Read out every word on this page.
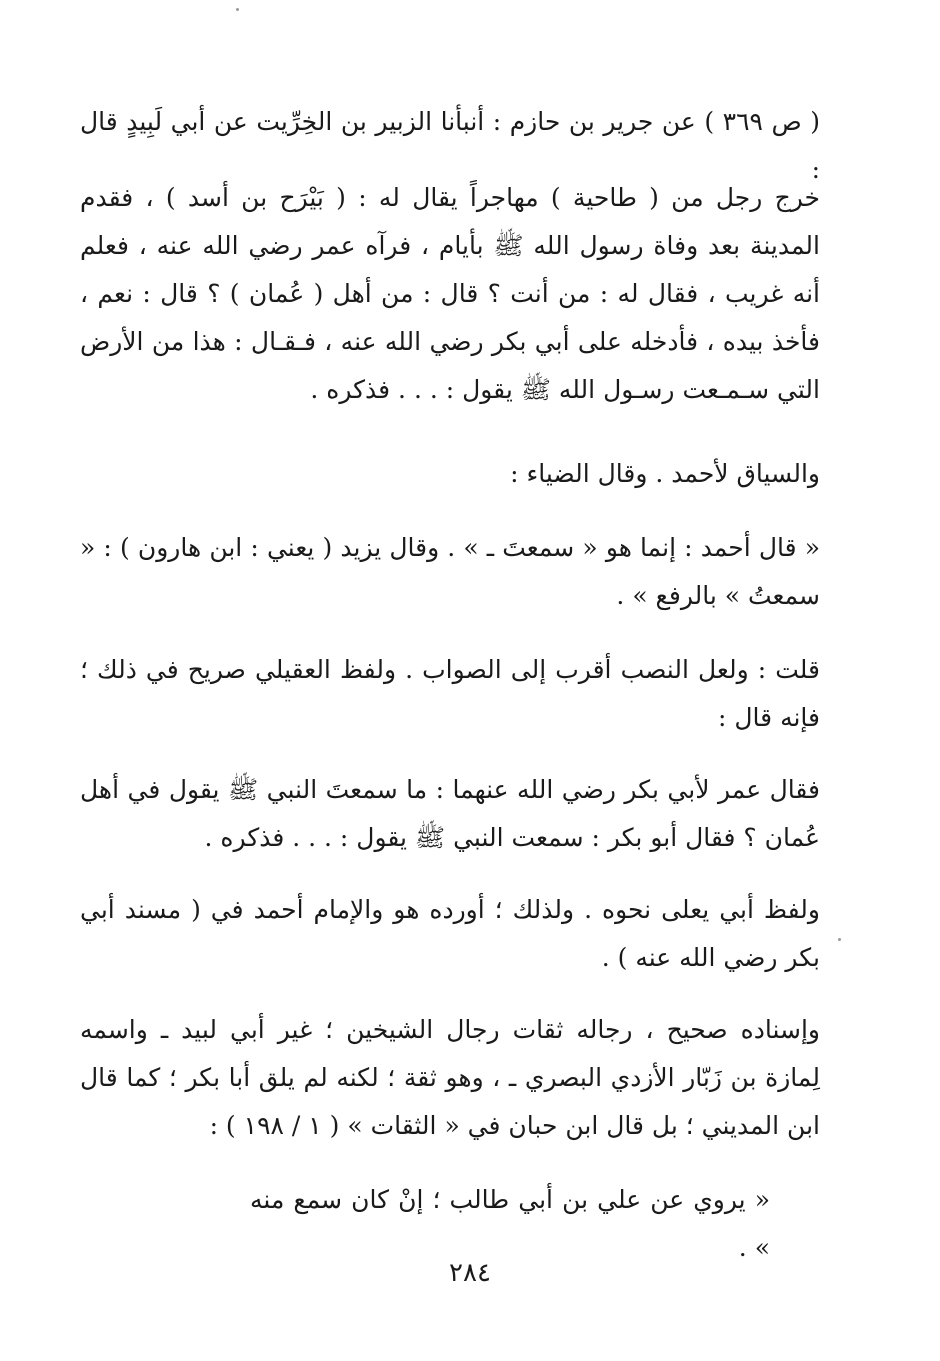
( ص ٣٦٩ ) عن جرير بن حازم : أنبأنا الزبير بن الخِرِّيت عن أبي لَبِيدٍ قال :

خرج رجل من ( طاحية ) مهاجراً يقال له : ( بَيْرَح بن أسد ) ، فقدم المدينة بعد وفاة رسول الله ﷺ بأيام ، فرآه عمر رضي الله عنه ، فعلم أنه غريب ، فقال له : من أنت ؟ قال : من أهل ( عُمان ) ؟ قال : نعم ، فأخذ بيده ، فأدخله على أبي بكر رضي الله عنه ، فـقـال : هذا من الأرض التي سـمـعت رسـول الله ﷺ يقول : . . . فذكره .

والسياق لأحمد . وقال الضياء :

« قال أحمد : إنما هو « سمعتَ ـ » . وقال يزيد ( يعني : ابن هارون ) : « سمعتُ » بالرفع » .

قلت : ولعل النصب أقرب إلى الصواب . ولفظ العقيلي صريح في ذلك ؛ فإنه قال :

فقال عمر لأبي بكر رضي الله عنهما : ما سمعتَ النبي ﷺ يقول في أهل عُمان ؟ فقال أبو بكر : سمعت النبي ﷺ يقول : . . . فذكره .

ولفظ أبي يعلى نحوه . ولذلك ؛ أورده هو والإمام أحمد في ( مسند أبي بكر رضي الله عنه ) .

وإسناده صحيح ، رجاله ثقات رجال الشيخين ؛ غير أبي لبيد ـ واسمه لِمازة بن زَبّار الأزدي البصري ـ ، وهو ثقة ؛ لكنه لم يلق أبا بكر ؛ كما قال ابن المديني ؛ بل قال ابن حبان في « الثقات » ( ١ / ١٩٨ ) :

« يروي عن علي بن أبي طالب ؛ إنْ كان سمع منه » .

٢٨٤
